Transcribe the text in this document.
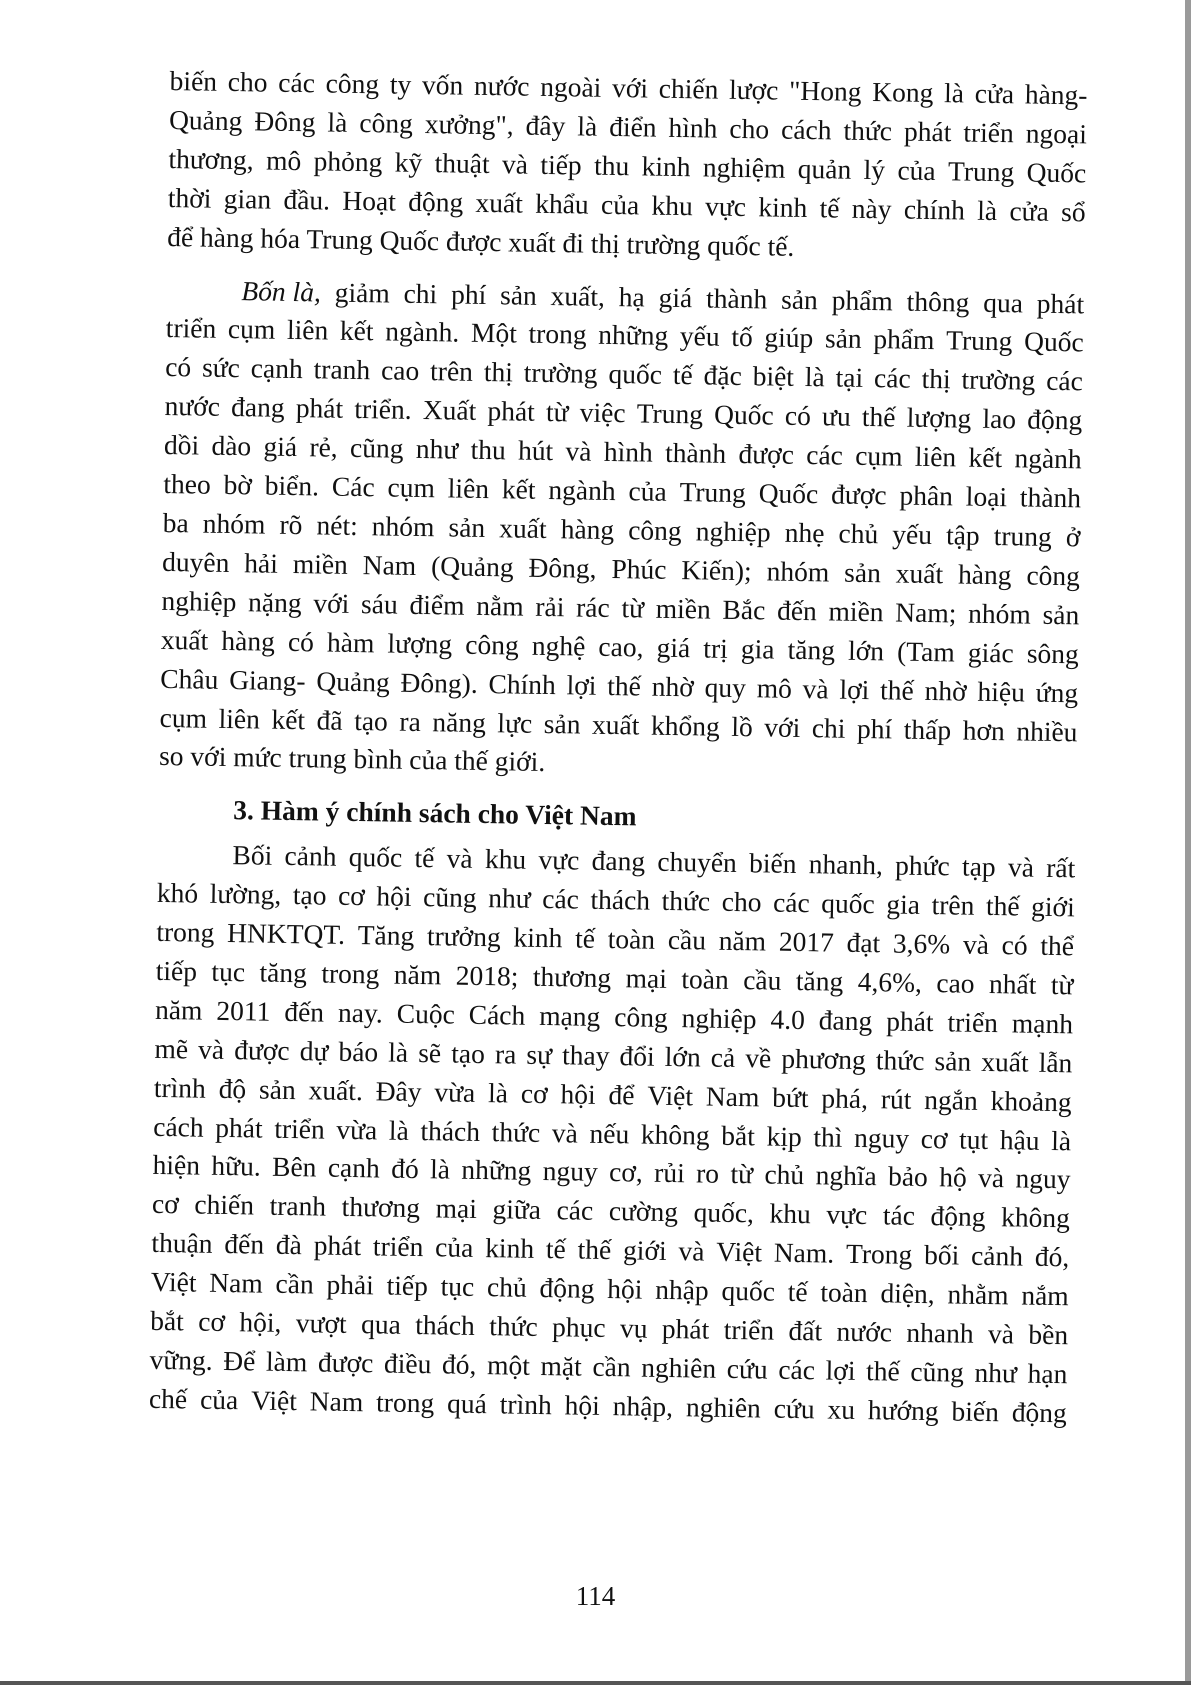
biến cho các công ty vốn nước ngoài với chiến lược "Hong Kong là cửa hàng-
Quảng Đông là công xưởng", đây là điển hình cho cách thức phát triển ngoại
thương, mô phỏng kỹ thuật và tiếp thu kinh nghiệm quản lý của Trung Quốc
thời gian đầu. Hoạt động xuất khẩu của khu vực kinh tế này chính là cửa sổ
để hàng hóa Trung Quốc được xuất đi thị trường quốc tế.
Bốn là, giảm chi phí sản xuất, hạ giá thành sản phẩm thông qua phát
triển cụm liên kết ngành. Một trong những yếu tố giúp sản phẩm Trung Quốc
có sức cạnh tranh cao trên thị trường quốc tế đặc biệt là tại các thị trường các
nước đang phát triển. Xuất phát từ việc Trung Quốc có ưu thế lượng lao động
dồi dào giá rẻ, cũng như thu hút và hình thành được các cụm liên kết ngành
theo bờ biển. Các cụm liên kết ngành của Trung Quốc được phân loại thành
ba nhóm rõ nét: nhóm sản xuất hàng công nghiệp nhẹ chủ yếu tập trung ở
duyên hải miền Nam (Quảng Đông, Phúc Kiến); nhóm sản xuất hàng công
nghiệp nặng với sáu điểm nằm rải rác từ miền Bắc đến miền Nam; nhóm sản
xuất hàng có hàm lượng công nghệ cao, giá trị gia tăng lớn (Tam giác sông
Châu Giang- Quảng Đông). Chính lợi thế nhờ quy mô và lợi thế nhờ hiệu ứng
cụm liên kết đã tạo ra năng lực sản xuất khổng lồ với chi phí thấp hơn nhiều
so với mức trung bình của thế giới.
3. Hàm ý chính sách cho Việt Nam
Bối cảnh quốc tế và khu vực đang chuyển biến nhanh, phức tạp và rất
khó lường, tạo cơ hội cũng như các thách thức cho các quốc gia trên thế giới
trong HNKTQT. Tăng trưởng kinh tế toàn cầu năm 2017 đạt 3,6% và có thể
tiếp tục tăng trong năm 2018; thương mại toàn cầu tăng 4,6%, cao nhất từ
năm 2011 đến nay. Cuộc Cách mạng công nghiệp 4.0 đang phát triển mạnh
mẽ và được dự báo là sẽ tạo ra sự thay đổi lớn cả về phương thức sản xuất lẫn
trình độ sản xuất. Đây vừa là cơ hội để Việt Nam bứt phá, rút ngắn khoảng
cách phát triển vừa là thách thức và nếu không bắt kịp thì nguy cơ tụt hậu là
hiện hữu. Bên cạnh đó là những nguy cơ, rủi ro từ chủ nghĩa bảo hộ và nguy
cơ chiến tranh thương mại giữa các cường quốc, khu vực tác động không
thuận đến đà phát triển của kinh tế thế giới và Việt Nam. Trong bối cảnh đó,
Việt Nam cần phải tiếp tục chủ động hội nhập quốc tế toàn diện, nhằm nắm
bắt cơ hội, vượt qua thách thức phục vụ phát triển đất nước nhanh và bền
vững. Để làm được điều đó, một mặt cần nghiên cứu các lợi thế cũng như hạn
chế của Việt Nam trong quá trình hội nhập, nghiên cứu xu hướng biến động
114
